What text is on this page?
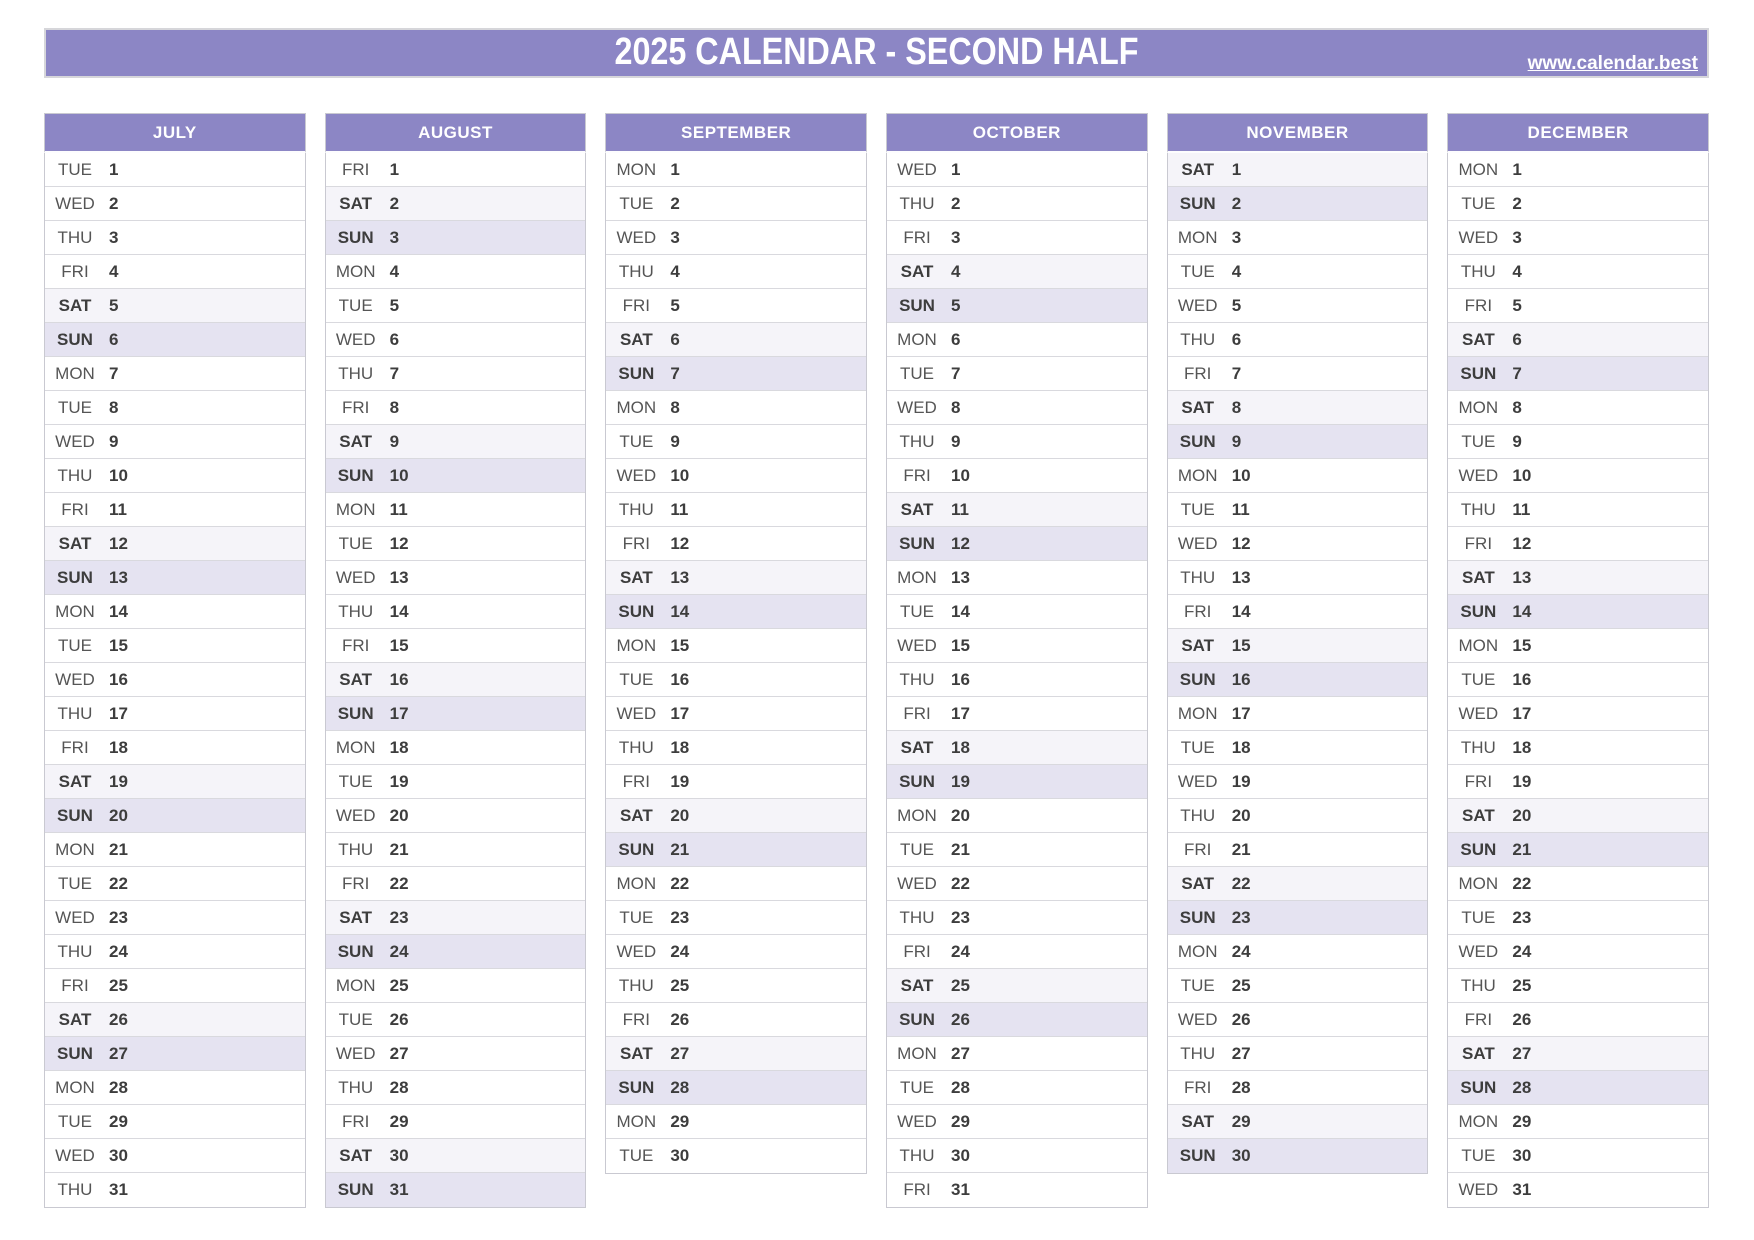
2025 CALENDAR - SECOND HALF	www.calendar.best
JULY
TUE	1
WED 2
THU 3
FRI	4
SAT	5
SUN 6
MON 7
TUE	8
WED 9
THU 10
FRI	11
SAT	12
SUN 13
MON 14
TUE	15
WED 16
THU 17
FRI	18
SAT	19
SUN 20
MON 21
TUE	22
WED 23
THU 24
FRI	25
SAT	26
SUN 27
MON 28
TUE	29
WED 30
THU 31
AUGUST
FRI	1
SAT	2
SUN 3
MON 4
TUE	5
WED 6
THU 7
FRI	8
SAT	9
SUN 10
MON 11
TUE	12
WED 13
THU 14
FRI	15
SAT	16
SUN 17
MON 18
TUE	19
WED 20
THU 21
FRI	22
SAT	23
SUN 24
MON 25
TUE	26
WED 27
THU 28
FRI	29
SAT	30
SUN 31
SEPTEMBER
MON 1
TUE	2
WED 3
THU 4
FRI	5
SAT	6
SUN 7
MON 8
TUE	9
WED 10
THU 11
FRI	12
SAT	13
SUN 14
MON 15
TUE	16
WED 17
THU 18
FRI	19
SAT	20
SUN 21
MON 22
TUE	23
WED 24
THU 25
FRI	26
SAT	27
SUN 28
MON 29
TUE	30
OCTOBER
WED 1
THU 2
FRI	3
SAT	4
SUN 5
MON 6
TUE	7
WED 8
THU 9
FRI	10
SAT	11
SUN 12
MON 13
TUE	14
WED 15
THU 16
FRI	17
SAT	18
SUN 19
MON 20
TUE	21
WED 22
THU 23
FRI	24
SAT	25
SUN 26
MON 27
TUE	28
WED 29
THU 30
FRI	31
NOVEMBER
SAT	1
SUN 2
MON 3
TUE	4
WED 5
THU 6
FRI	7
SAT	8
SUN 9
MON 10
TUE	11
WED 12
THU 13
FRI	14
SAT	15
SUN 16
MON 17
TUE	18
WED 19
THU 20
FRI	21
SAT	22
SUN 23
MON 24
TUE	25
WED 26
THU 27
FRI	28
SAT	29
SUN 30
DECEMBER
MON 1
TUE	2
WED 3
THU 4
FRI	5
SAT	6
SUN 7
MON 8
TUE	9
WED 10
THU 11
FRI	12
SAT	13
SUN 14
MON 15
TUE	16
WED 17
THU 18
FRI	19
SAT	20
SUN 21
MON 22
TUE	23
WED 24
THU 25
FRI	26
SAT	27
SUN 28
MON 29
TUE	30
WED 31
